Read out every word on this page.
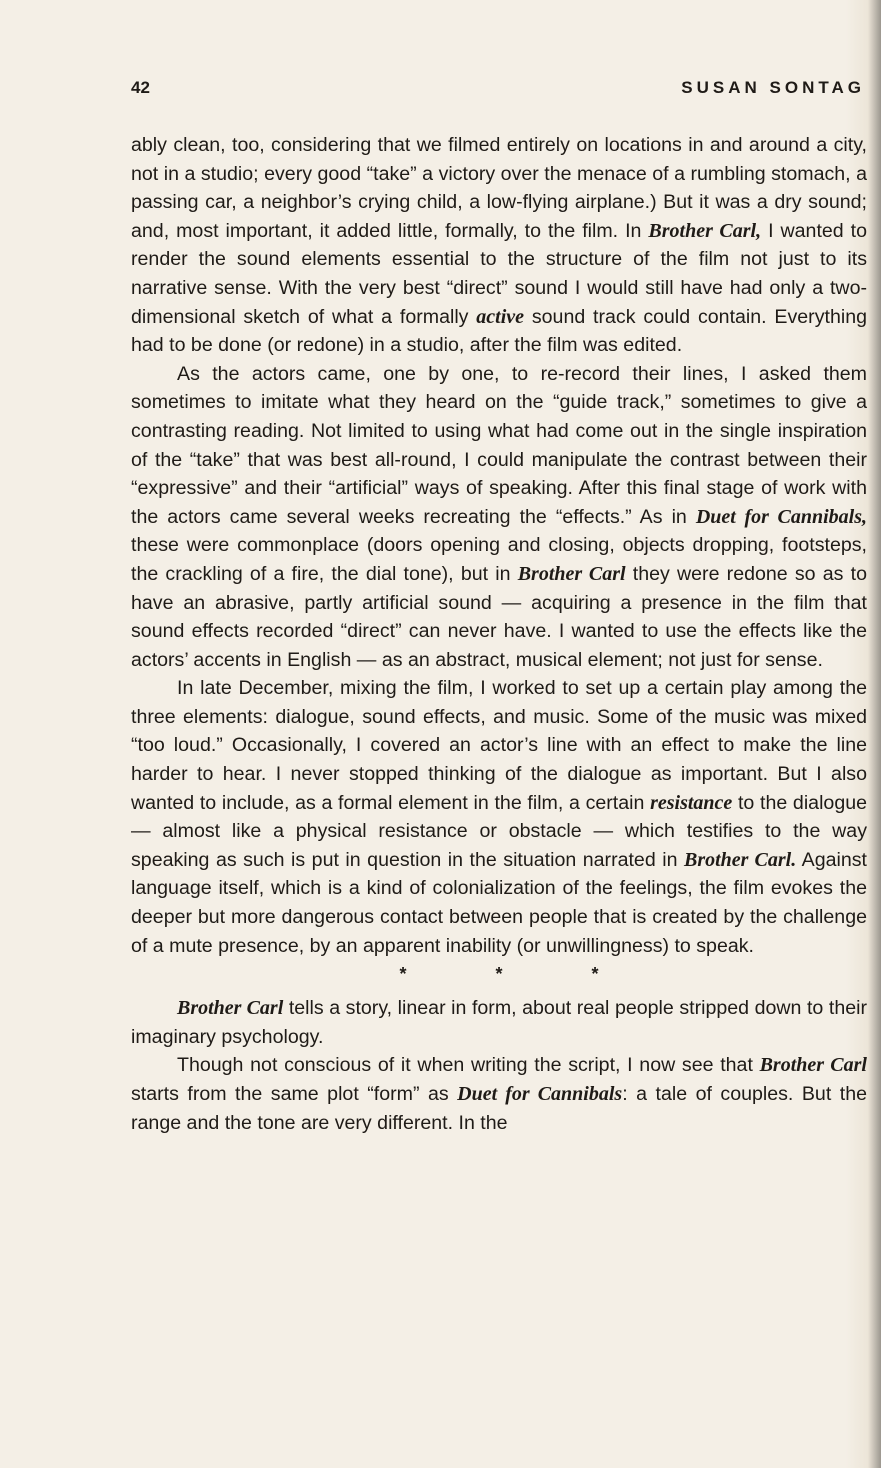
42	SUSAN SONTAG

ably clean, too, considering that we filmed entirely on locations in and around a city, not in a studio; every good “take” a victory over the menace of a rumbling stomach, a passing car, a neighbor’s crying child, a low-flying airplane.) But it was a dry sound; and, most important, it added little, formally, to the film. In Brother Carl, I wanted to render the sound elements essential to the structure of the film not just to its narrative sense. With the very best “direct” sound I would still have had only a two-dimensional sketch of what a formally active sound track could contain. Everything had to be done (or redone) in a studio, after the film was edited.

As the actors came, one by one, to re-record their lines, I asked them sometimes to imitate what they heard on the “guide track,” sometimes to give a contrasting reading. Not limited to using what had come out in the single inspiration of the “take” that was best all-round, I could manipulate the contrast between their “expressive” and their “artificial” ways of speaking. After this final stage of work with the actors came several weeks recreating the “effects.” As in Duet for Cannibals, these were commonplace (doors opening and closing, objects dropping, footsteps, the crackling of a fire, the dial tone), but in Brother Carl they were redone so as to have an abrasive, partly artificial sound — acquiring a presence in the film that sound effects recorded “direct” can never have. I wanted to use the effects like the actors’ accents in English — as an abstract, musical element; not just for sense.

In late December, mixing the film, I worked to set up a certain play among the three elements: dialogue, sound effects, and music. Some of the music was mixed “too loud.” Occasionally, I covered an actor’s line with an effect to make the line harder to hear. I never stopped thinking of the dialogue as important. But I also wanted to include, as a formal element in the film, a certain resistance to the dialogue — almost like a physical resistance or obstacle — which testifies to the way speaking as such is put in question in the situation narrated in Brother Carl. Against language itself, which is a kind of colonialization of the feelings, the film evokes the deeper but more dangerous contact between people that is created by the challenge of a mute presence, by an apparent inability (or unwillingness) to speak.

* * *

Brother Carl tells a story, linear in form, about real people stripped down to their imaginary psychology.

Though not conscious of it when writing the script, I now see that Brother Carl starts from the same plot “form” as Duet for Cannibals: a tale of couples. But the range and the tone are very different. In the
